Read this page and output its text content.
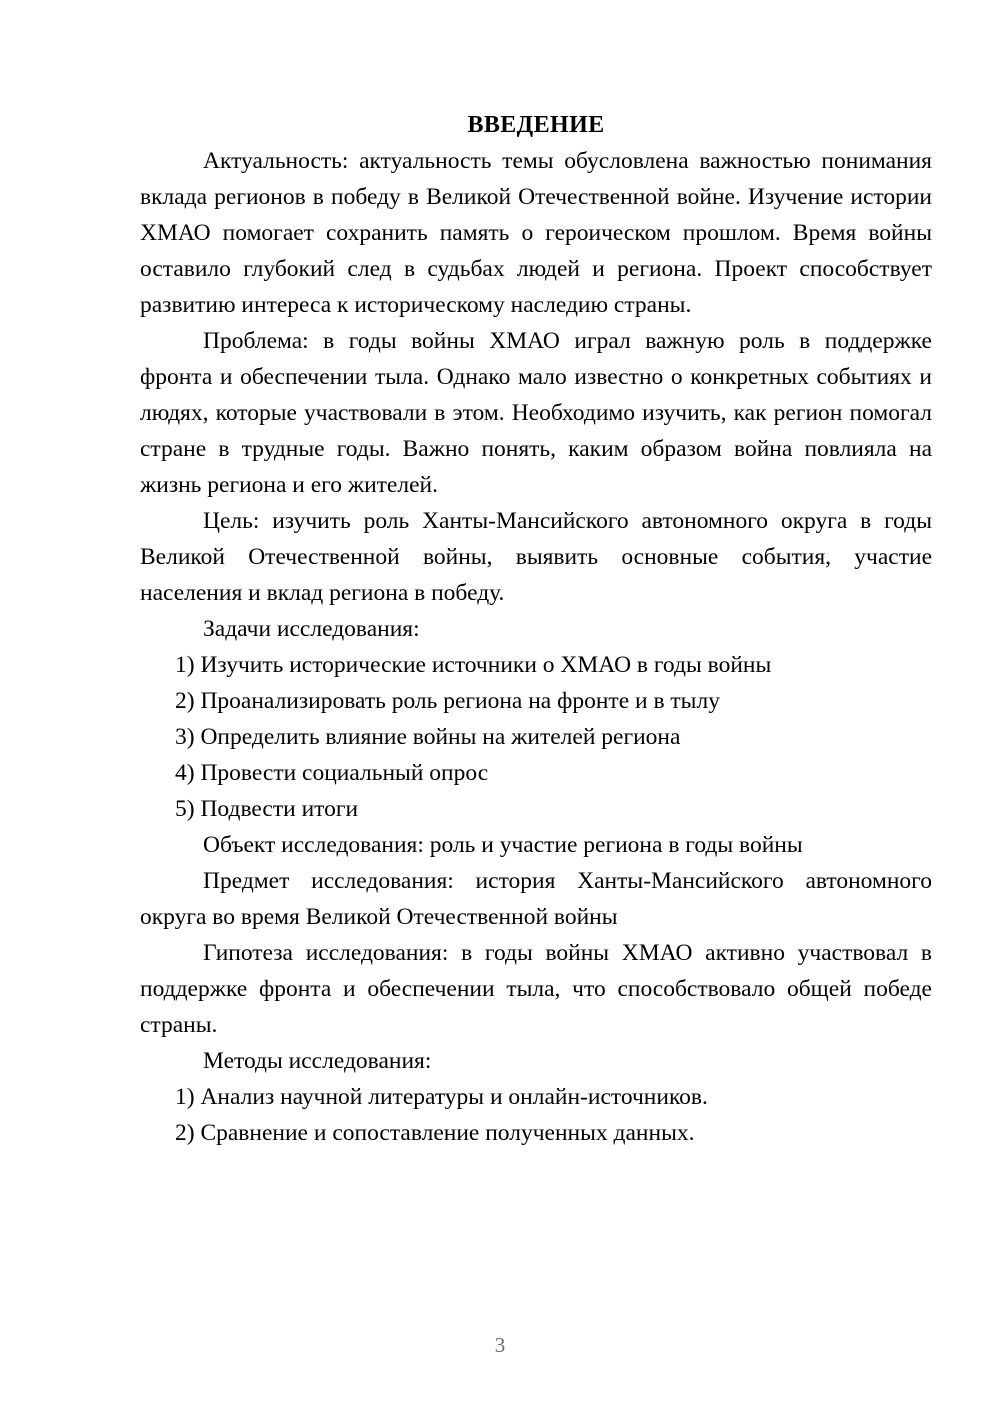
ВВЕДЕНИЕ

Актуальность: актуальность темы обусловлена важностью понимания вклада регионов в победу в Великой Отечественной войне. Изучение истории ХМАО помогает сохранить память о героическом прошлом. Время войны оставило глубокий след в судьбах людей и региона. Проект способствует развитию интереса к историческому наследию страны.

Проблема: в годы войны ХМАО играл важную роль в поддержке фронта и обеспечении тыла. Однако мало известно о конкретных событиях и людях, которые участвовали в этом. Необходимо изучить, как регион помогал стране в трудные годы. Важно понять, каким образом война повлияла на жизнь региона и его жителей.

Цель: изучить роль Ханты-Мансийского автономного округа в годы Великой Отечественной войны, выявить основные события, участие населения и вклад региона в победу.

Задачи исследования:

1) Изучить исторические источники о ХМАО в годы войны

2) Проанализировать роль региона на фронте и в тылу

3) Определить влияние войны на жителей региона

4) Провести социальный опрос

5) Подвести итоги

Объект исследования: роль и участие региона в годы войны

Предмет исследования: история Ханты-Мансийского автономного округа во время Великой Отечественной войны

Гипотеза исследования: в годы войны ХМАО активно участвовал в поддержке фронта и обеспечении тыла, что способствовало общей победе страны.

Методы исследования:

1) Анализ научной литературы и онлайн-источников.

2) Сравнение и сопоставление полученных данных.

3
